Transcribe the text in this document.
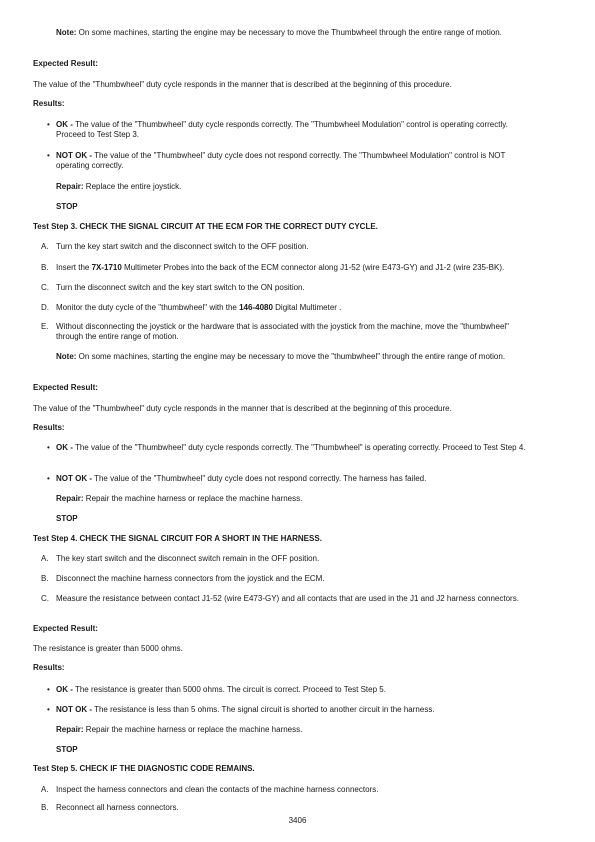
Note: On some machines, starting the engine may be necessary to move the Thumbwheel through the entire range of motion.

Expected Result:

The value of the "Thumbwheel" duty cycle responds in the manner that is described at the beginning of this procedure.

Results:

• OK - The value of the "Thumbwheel" duty cycle responds correctly. The "Thumbwheel Modulation" control is operating correctly. Proceed to Test Step 3.

• NOT OK - The value of the "Thumbwheel" duty cycle does not respond correctly. The "Thumbwheel Modulation" control is NOT operating correctly.

Repair: Replace the entire joystick.

STOP

Test Step 3. CHECK THE SIGNAL CIRCUIT AT THE ECM FOR THE CORRECT DUTY CYCLE.

A. Turn the key start switch and the disconnect switch to the OFF position.

B. Insert the 7X-1710 Multimeter Probes into the back of the ECM connector along J1-52 (wire E473-GY) and J1-2 (wire 235-BK).

C. Turn the disconnect switch and the key start switch to the ON position.

D. Monitor the duty cycle of the "thumbwheel" with the 146-4080 Digital Multimeter .

E. Without disconnecting the joystick or the hardware that is associated with the joystick from the machine, move the "thumbwheel" through the entire range of motion.

Note: On some machines, starting the engine may be necessary to move the "thumbwheel" through the entire range of motion.

Expected Result:

The value of the "Thumbwheel" duty cycle responds in the manner that is described at the beginning of this procedure.

Results:

• OK - The value of the "Thumbwheel" duty cycle responds correctly. The "Thumbwheel" is operating correctly. Proceed to Test Step 4.

• NOT OK - The value of the "Thumbwheel" duty cycle does not respond correctly. The harness has failed.

Repair: Repair the machine harness or replace the machine harness.

STOP

Test Step 4. CHECK THE SIGNAL CIRCUIT FOR A SHORT IN THE HARNESS.

A. The key start switch and the disconnect switch remain in the OFF position.

B. Disconnect the machine harness connectors from the joystick and the ECM.

C. Measure the resistance between contact J1-52 (wire E473-GY) and all contacts that are used in the J1 and J2 harness connectors.

Expected Result:

The resistance is greater than 5000 ohms.

Results:

• OK - The resistance is greater than 5000 ohms. The circuit is correct. Proceed to Test Step 5.

• NOT OK - The resistance is less than 5 ohms. The signal circuit is shorted to another circuit in the harness.

Repair: Repair the machine harness or replace the machine harness.

STOP

Test Step 5. CHECK IF THE DIAGNOSTIC CODE REMAINS.

A. Inspect the harness connectors and clean the contacts of the machine harness connectors.

B. Reconnect all harness connectors.

3406
